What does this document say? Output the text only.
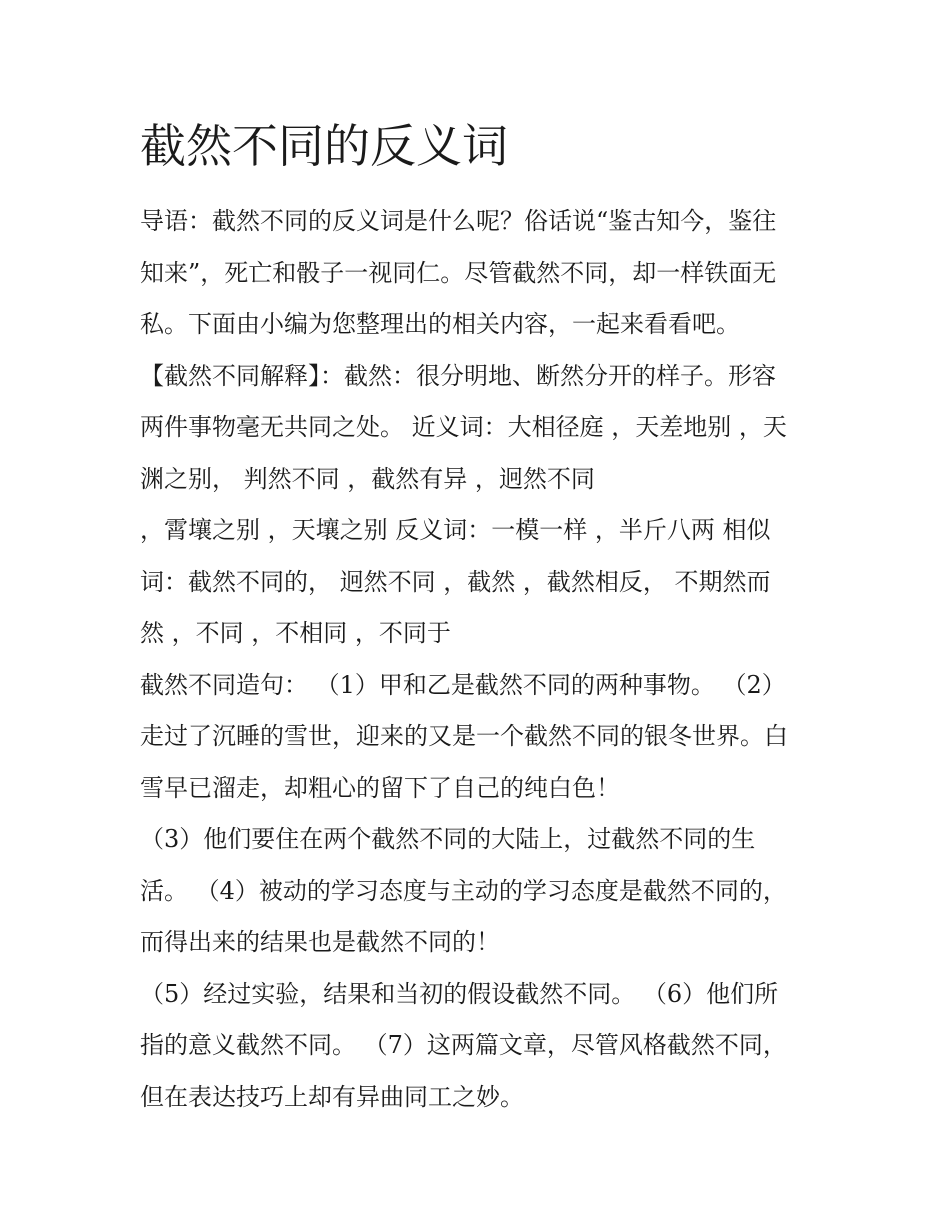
截然不同的反义词
导语：截然不同的反义词是什么呢？俗话说“鉴古知今，鉴往
知来”，死亡和骰子一视同仁。尽管截然不同，却一样铁面无
私。下面由小编为您整理出的相关内容，一起来看看吧。
【截然不同解释】：截然：很分明地、断然分开的样子。形容
两件事物毫无共同之处。 近义词：大相径庭 ，天差地别 ，天
渊之别， 判然不同 ，截然有异 ，迥然不同
，霄壤之别 ，天壤之别 反义词：一模一样 ，半斤八两 相似
词：截然不同的， 迥然不同 ，截然 ，截然相反， 不期然而
然 ，不同 ，不相同 ，不同于
截然不同造句： （1）甲和乙是截然不同的两种事物。 （2）
走过了沉睡的雪世，迎来的又是一个截然不同的银冬世界。白
雪早已溜走，却粗心的留下了自己的纯白色！
（3）他们要住在两个截然不同的大陆上，过截然不同的生
活。 （4）被动的学习态度与主动的学习态度是截然不同的，
而得出来的结果也是截然不同的！
（5）经过实验，结果和当初的假设截然不同。 （6）他们所
指的意义截然不同。 （7）这两篇文章，尽管风格截然不同，
但在表达技巧上却有异曲同工之妙。
